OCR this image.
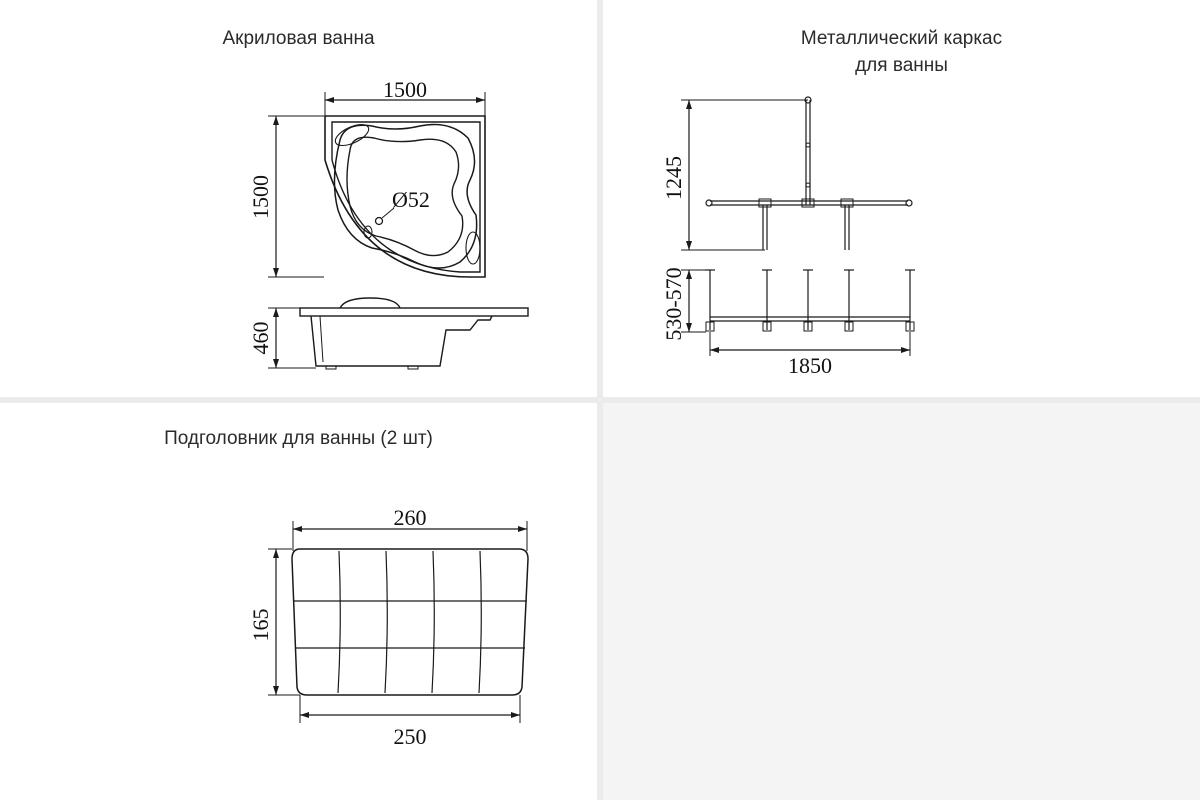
Акриловая ванна
1500
1500	Ø52
460
Металлический каркас
для ванны
1245
530-570
1850
Подголовник для ванны (2 шт)
260
165
250
